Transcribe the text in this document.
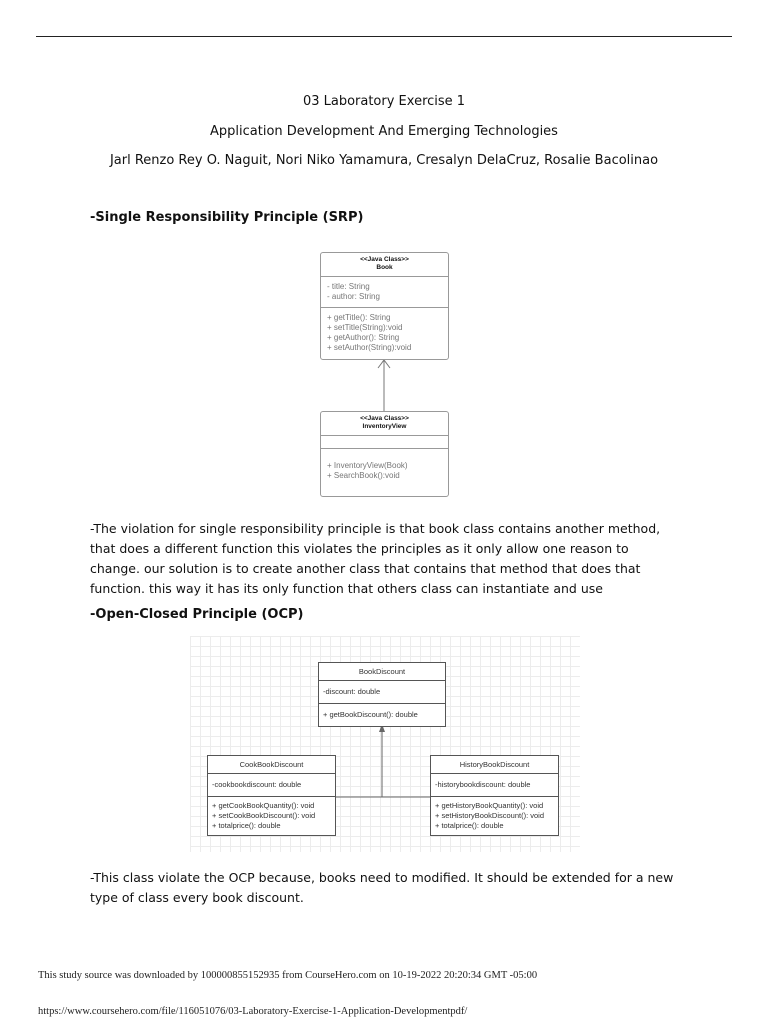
03 Laboratory Exercise 1
Application Development And Emerging Technologies
Jarl Renzo Rey O. Naguit, Nori Niko Yamamura, Cresalyn DelaCruz, Rosalie Bacolinao
-Single Responsibility Principle (SRP)
<<Java Class>>
Book
- title: String
- author: String
+ getTitle(): String
+ setTitle(String):void
+ getAuthor(): String
+ setAuthor(String):void
<<Java Class>>
InventoryView
+ InventoryView(Book)
+ SearchBook():void
-The violation for single responsibility principle is that book class contains another method, that does a different function this violates the principles as it only allow one reason to change. our solution is to create another class that contains that method that does that function. this way it has its only function that others class can instantiate and use
-Open-Closed Principle (OCP)
BookDiscount
-discount: double
+ getBookDiscount(): double
CookBookDiscount
-cookbookdiscount: double
+ getCookBookQuantity(): void
+ setCookBookDiscount(): void
+ totalprice(): double
HistoryBookDiscount
-historybookdiscount: double
+ getHistoryBookQuantity(): void
+ setHistoryBookDiscount(): void
+ totalprice(): double
-This class violate the OCP because, books need to modified. It should be extended for a new type of class every book discount.
This study source was downloaded by 100000855152935 from CourseHero.com on 10-19-2022 20:20:34 GMT -05:00
https://www.coursehero.com/file/116051076/03-Laboratory-Exercise-1-Application-Developmentpdf/
